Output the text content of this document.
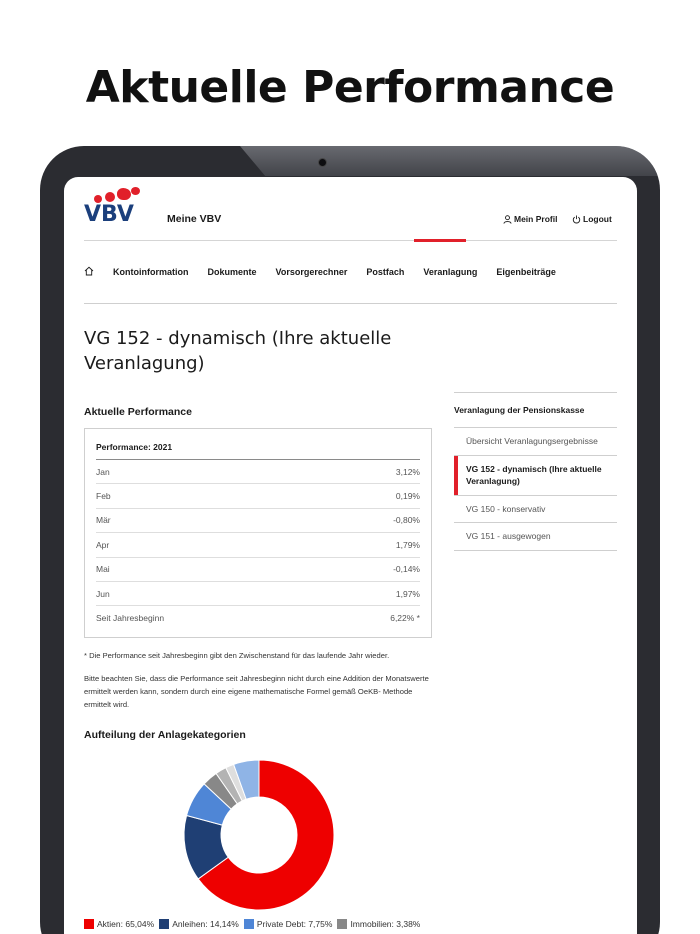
Aktuelle Performance
VBV	Meine VBV	Mein Profil	Logout
Kontoinformation Dokumente Vorsorgerechner Postfach Veranlagung Eigenbeiträge
VG 152 - dynamisch (Ihre aktuelle Veranlagung)
Aktuelle Performance
Performance: 2021
Jan	3,12%
Feb	0,19%
Mär	-0,80%
Apr	1,79%
Mai	-0,14%
Jun	1,97%
Seit Jahresbeginn	6,22% *
* Die Performance seit Jahresbeginn gibt den Zwischenstand für das laufende Jahr wieder.
Bitte beachten Sie, dass die Performance seit Jahresbeginn nicht durch eine Addition der Monatswerte ermittelt werden kann, sondern durch eine eigene mathematische Formel gemäß OeKB- Methode ermittelt wird.
Veranlagung der Pensionskasse
Übersicht Veranlagungsergebnisse
VG 152 - dynamisch (Ihre aktuelle Veranlagung)
VG 150 - konservativ
VG 151 - ausgewogen
Aufteilung der Anlagekategorien
Aktien: 65,04% Anleihen: 14,14% Private Debt: 7,75% Immobilien: 3,38%
